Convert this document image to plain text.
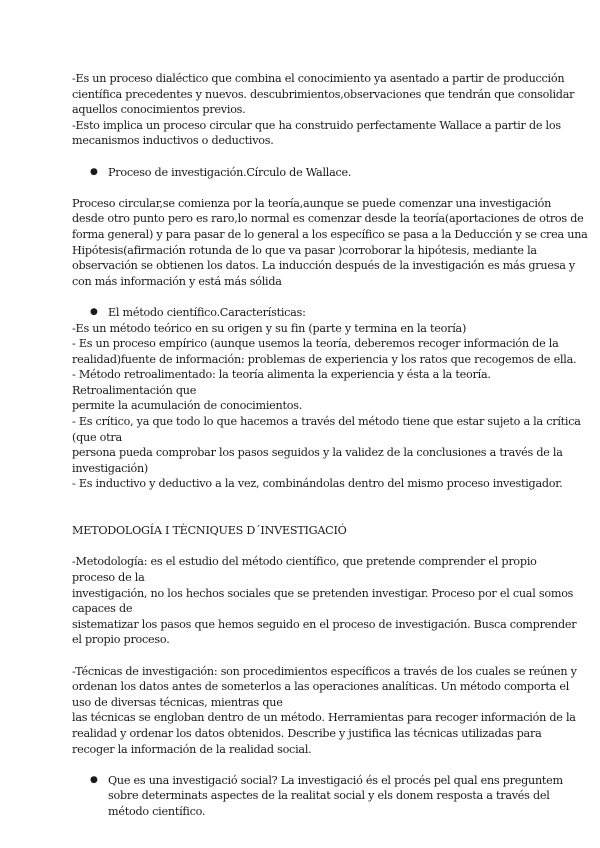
-Es un proceso dialéctico que combina el conocimiento ya asentado a partir de producción
científica precedentes y nuevos. descubrimientos,observaciones que tendrán que consolidar
aquellos conocimientos previos.
-Esto implica un proceso circular que ha construido perfectamente Wallace a partir de los
mecanismos inductivos o deductivos.
● Proceso de investigación.Círculo de Wallace.
Proceso circular,se comienza por la teoría,aunque se puede comenzar una investigación
desde otro punto pero es raro,lo normal es comenzar desde la teoría(aportaciones de otros de
forma general) y para pasar de lo general a los específico se pasa a la Deducción y se crea una
Hipótesis(afirmación rotunda de lo que va pasar )corroborar la hipótesis, mediante la
observación se obtienen los datos. La inducción después de la investigación es más gruesa y
con más información y está más sólida
● El método científico.Características:
-Es un método teórico en su origen y su fin (parte y termina en la teoría)
- Es un proceso empírico (aunque usemos la teoría, deberemos recoger información de la
realidad)fuente de información: problemas de experiencia y los ratos que recogemos de ella.
- Método retroalimentado: la teoría alimenta la experiencia y ésta a la teoría.
Retroalimentación que
permite la acumulación de conocimientos.
- Es crítico, ya que todo lo que hacemos a través del método tiene que estar sujeto a la crítica
(que otra
persona pueda comprobar los pasos seguidos y la validez de la conclusiones a través de la
investigación)
- Es inductivo y deductivo a la vez, combinándolas dentro del mismo proceso investigador.
METODOLOGÍA I TÈCNIQUES D´INVESTIGACIÓ
-Metodología: es el estudio del método científico, que pretende comprender el propio
proceso de la
investigación, no los hechos sociales que se pretenden investigar. Proceso por el cual somos
capaces de
sistematizar los pasos que hemos seguido en el proceso de investigación. Busca comprender
el propio proceso.
-Técnicas de investigación: son procedimientos específicos a través de los cuales se reúnen y
ordenan los datos antes de someterlos a las operaciones analíticas. Un método comporta el
uso de diversas técnicas, mientras que
las técnicas se engloban dentro de un método. Herramientas para recoger información de la
realidad y ordenar los datos obtenidos. Describe y justifica las técnicas utilizadas para
recoger la información de la realidad social.
● Que es una investigació social? La investigació és el procés pel qual ens preguntem
sobre determinats aspectes de la realitat social y els donem resposta a través del
método científico.
